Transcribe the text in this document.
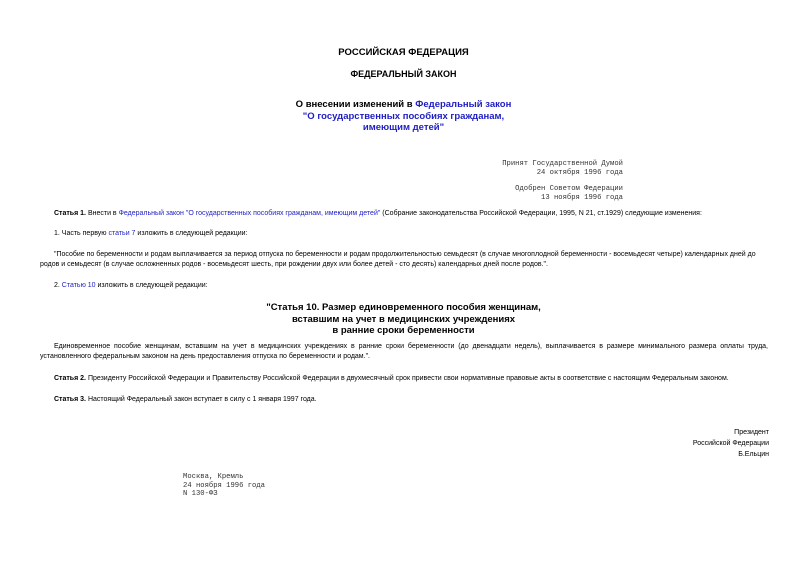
РОССИЙСКАЯ ФЕДЕРАЦИЯ
ФЕДЕРАЛЬНЫЙ ЗАКОН
О внесении изменений в Федеральный закон
"О государственных пособиях гражданам,
имеющим детей"
Принят Государственной Думой
24 октября 1996 года
Одобрен Советом Федерации
13 ноября 1996 года
Статья 1. Внести в Федеральный закон "О государственных пособиях гражданам, имеющим детей" (Собрание законодательства Российской Федерации, 1995, N 21, ст.1929) следующие изменения:
1. Часть первую статьи 7 изложить в следующей редакции:
"Пособие по беременности и родам выплачивается за период отпуска по беременности и родам продолжительностью семьдесят (в случае многоплодной беременности - восемьдесят четыре) календарных дней до родов и семьдесят (в случае осложненных родов - восемьдесят шесть, при рождении двух или более детей - сто десять) календарных дней после родов.".
2. Статью 10 изложить в следующей редакции:
"Статья 10. Размер единовременного пособия женщинам,
вставшим на учет в медицинских учреждениях
в ранние сроки беременности
Единовременное пособие женщинам, вставшим на учет в медицинских учреждениях в ранние сроки беременности (до двенадцати недель), выплачивается в размере минимального размера оплаты труда, установленного федеральным законом на день предоставления отпуска по беременности и родам.".
Статья 2. Президенту Российской Федерации и Правительству Российской Федерации в двухмесячный срок привести свои нормативные правовые акты в соответствие с настоящим Федеральным законом.
Статья 3. Настоящий Федеральный закон вступает в силу с 1 января 1997 года.
Президент
Российской Федерации
Б.Ельцин
Москва, Кремль
24 ноября 1996 года
N 130-ФЗ
